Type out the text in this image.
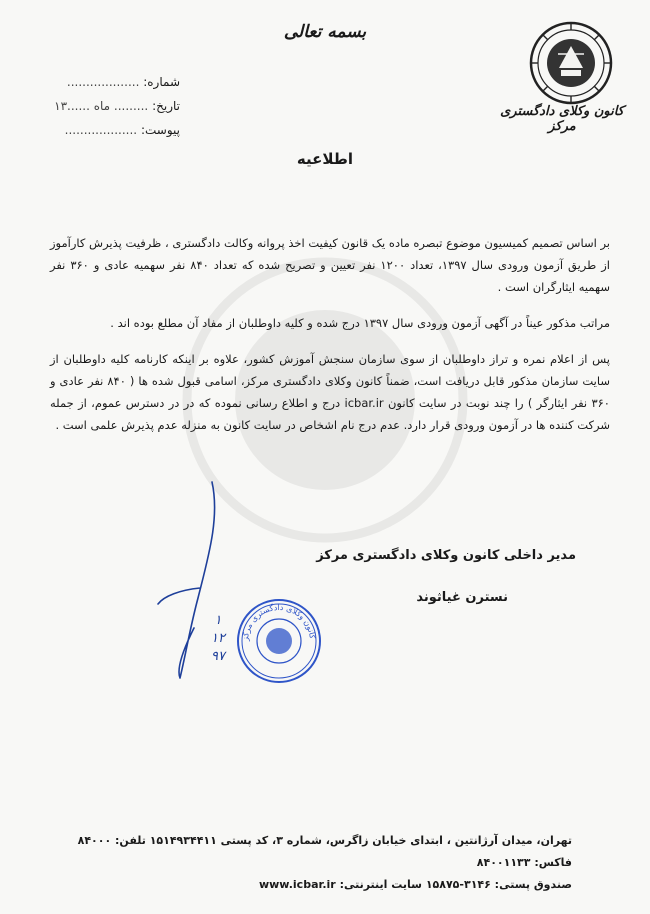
بسمه تعالی
کانون وکلای دادگستری مرکز
شماره: ...................
تاریخ: ......... ماه ......۱۳
پیوست: ...................
اطلاعیه

بر اساس تصمیم کمیسیون موضوع تبصره ماده یک قانون کیفیت اخذ پروانه وکالت دادگستری ، ظرفیت پذیرش کارآموز از طریق آزمون ورودی سال ۱۳۹۷، تعداد ۱۲۰۰ نفر تعیین و تصریح شده که تعداد ۸۴۰ نفر سهمیه عادی و ۳۶۰ نفر سهمیه ایثارگران است .

مراتب مذکور عیناً در آگهی آزمون ورودی سال ۱۳۹۷ درج شده و کلیه داوطلبان از مفاد آن مطلع بوده اند .

پس از اعلام نمره و تراز داوطلبان از سوی سازمان سنجش آموزش کشور، علاوه بر اینکه کارنامه کلیه داوطلبان از سایت سازمان مذکور قابل دریافت است، ضمناً کانون وکلای دادگستری مرکز، اسامی قبول شده ها ( ۸۴۰ نفر عادی و ۳۶۰ نفر ایثارگر ) را چند نوبت در سایت کانون icbar.ir درج و اطلاع رسانی نموده که در در دسترس عموم، از جمله شرکت کننده ها در آزمون ورودی قرار دارد. عدم درج نام اشخاص در سایت کانون به منزله عدم پذیرش علمی است .

مدیر داخلی کانون وکلای دادگستری مرکز
نسترن غیاثوند
۱
۱۲
۹۷
کانون وکلای دادگستری مرکز
تهران، میدان آرژانتین ، ابتدای خیابان زاگرس، شماره ۳، کد پستی ۱۵۱۴۹۳۴۴۱۱ تلفن: ۸۴۰۰۰ فاکس: ۸۴۰۰۱۱۳۳
صندوق پستی: ۳۱۴۶-۱۵۸۷۵ سایت اینترنتی: www.icbar.ir
